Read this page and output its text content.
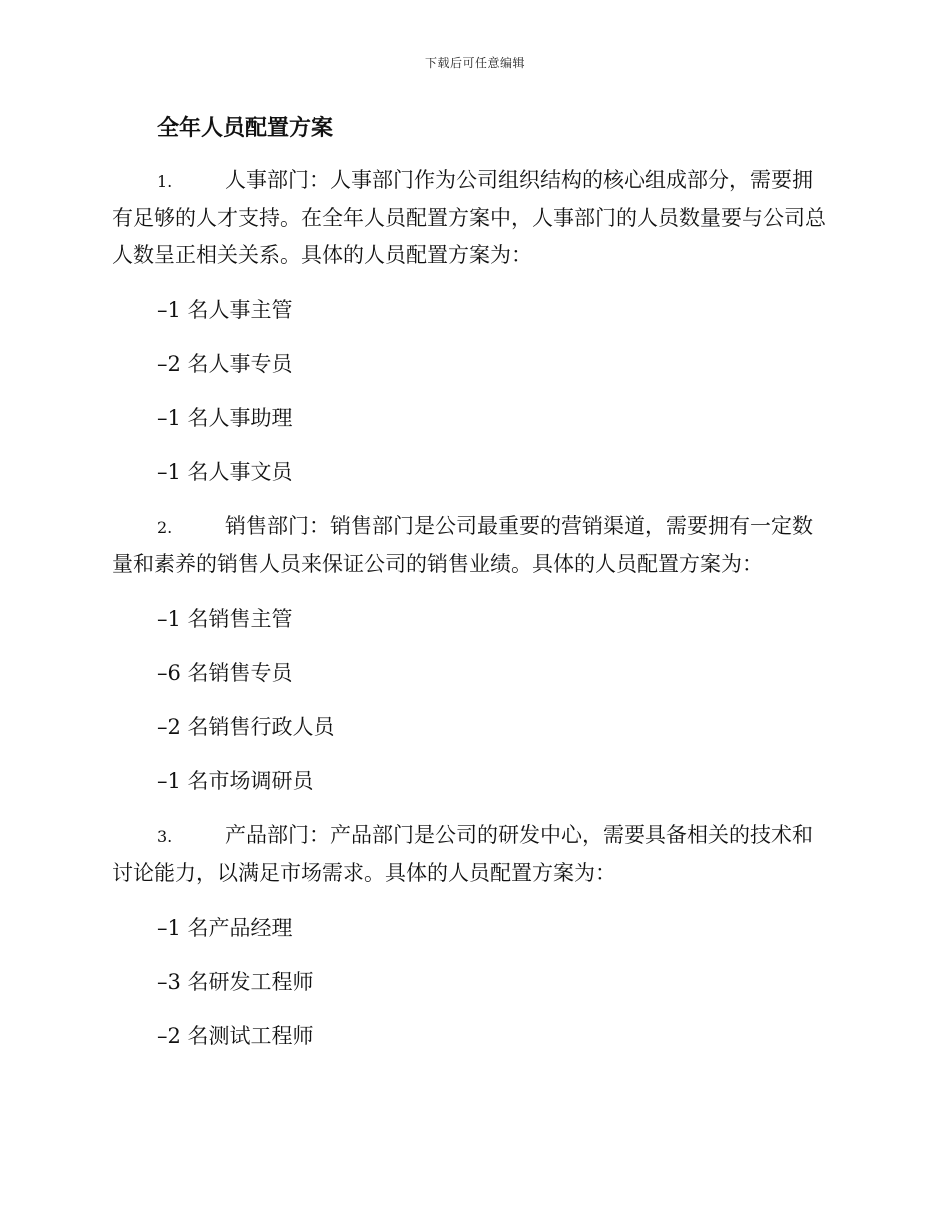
下载后可任意编辑
全年人员配置方案
1.	人事部门：人事部门作为公司组织结构的核心组成部分，需要拥有足够的人才支持。在全年人员配置方案中，人事部门的人员数量要与公司总人数呈正相关关系。具体的人员配置方案为：
–1 名人事主管
–2 名人事专员
–1 名人事助理
–1 名人事文员
2.	销售部门：销售部门是公司最重要的营销渠道，需要拥有一定数量和素养的销售人员来保证公司的销售业绩。具体的人员配置方案为：
–1 名销售主管
–6 名销售专员
–2 名销售行政人员
–1 名市场调研员
3.	产品部门：产品部门是公司的研发中心，需要具备相关的技术和讨论能力，以满足市场需求。具体的人员配置方案为：
–1 名产品经理
–3 名研发工程师
–2 名测试工程师
